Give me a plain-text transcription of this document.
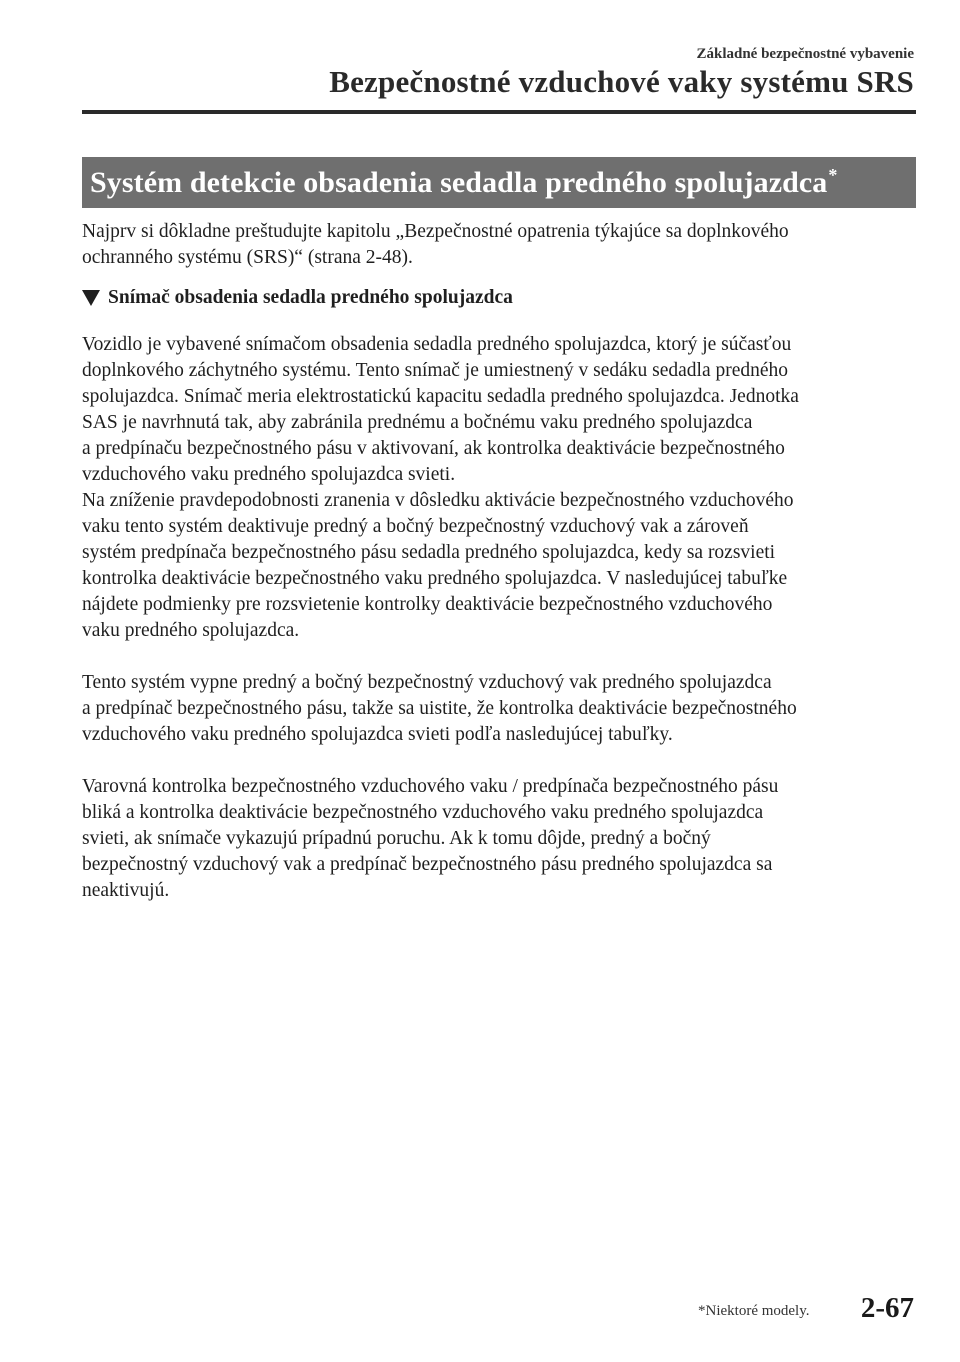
Základné bezpečnostné vybavenie
Bezpečnostné vzduchové vaky systému SRS
Systém detekcie obsadenia sedadla predného spolujazdca*

Najprv si dôkladne preštudujte kapitolu „Bezpečnostné opatrenia týkajúce sa doplnkového

ochranného systému (SRS)“ (strana 2-48).

Snímač obsadenia sedadla predného spolujazdca

Vozidlo je vybavené snímačom obsadenia sedadla predného spolujazdca, ktorý je súčasťou

doplnkového záchytného systému. Tento snímač je umiestnený v sedáku sedadla predného

spolujazdca. Snímač meria elektrostatickú kapacitu sedadla predného spolujazdca. Jednotka

SAS je navrhnutá tak, aby zabránila prednému a bočnému vaku predného spolujazdca

a predpínaču bezpečnostného pásu v aktivovaní, ak kontrolka deaktivácie bezpečnostného

vzduchového vaku predného spolujazdca svieti.

Na zníženie pravdepodobnosti zranenia v dôsledku aktivácie bezpečnostného vzduchového

vaku tento systém deaktivuje predný a bočný bezpečnostný vzduchový vak a zároveň

systém predpínača bezpečnostného pásu sedadla predného spolujazdca, kedy sa rozsvieti

kontrolka deaktivácie bezpečnostného vaku predného spolujazdca. V nasledujúcej tabuľke

nájdete podmienky pre rozsvietenie kontrolky deaktivácie bezpečnostného vzduchového

vaku predného spolujazdca.

Tento systém vypne predný a bočný bezpečnostný vzduchový vak predného spolujazdca

a predpínač bezpečnostného pásu, takže sa uistite, že kontrolka deaktivácie bezpečnostného

vzduchového vaku predného spolujazdca svieti podľa nasledujúcej tabuľky.

Varovná kontrolka bezpečnostného vzduchového vaku / predpínača bezpečnostného pásu

bliká a kontrolka deaktivácie bezpečnostného vzduchového vaku predného spolujazdca

svieti, ak snímače vykazujú prípadnú poruchu. Ak k tomu dôjde, predný a bočný

bezpečnostný vzduchový vak a predpínač bezpečnostného pásu predného spolujazdca sa

neaktivujú.

*Niektoré modely. 2-67
